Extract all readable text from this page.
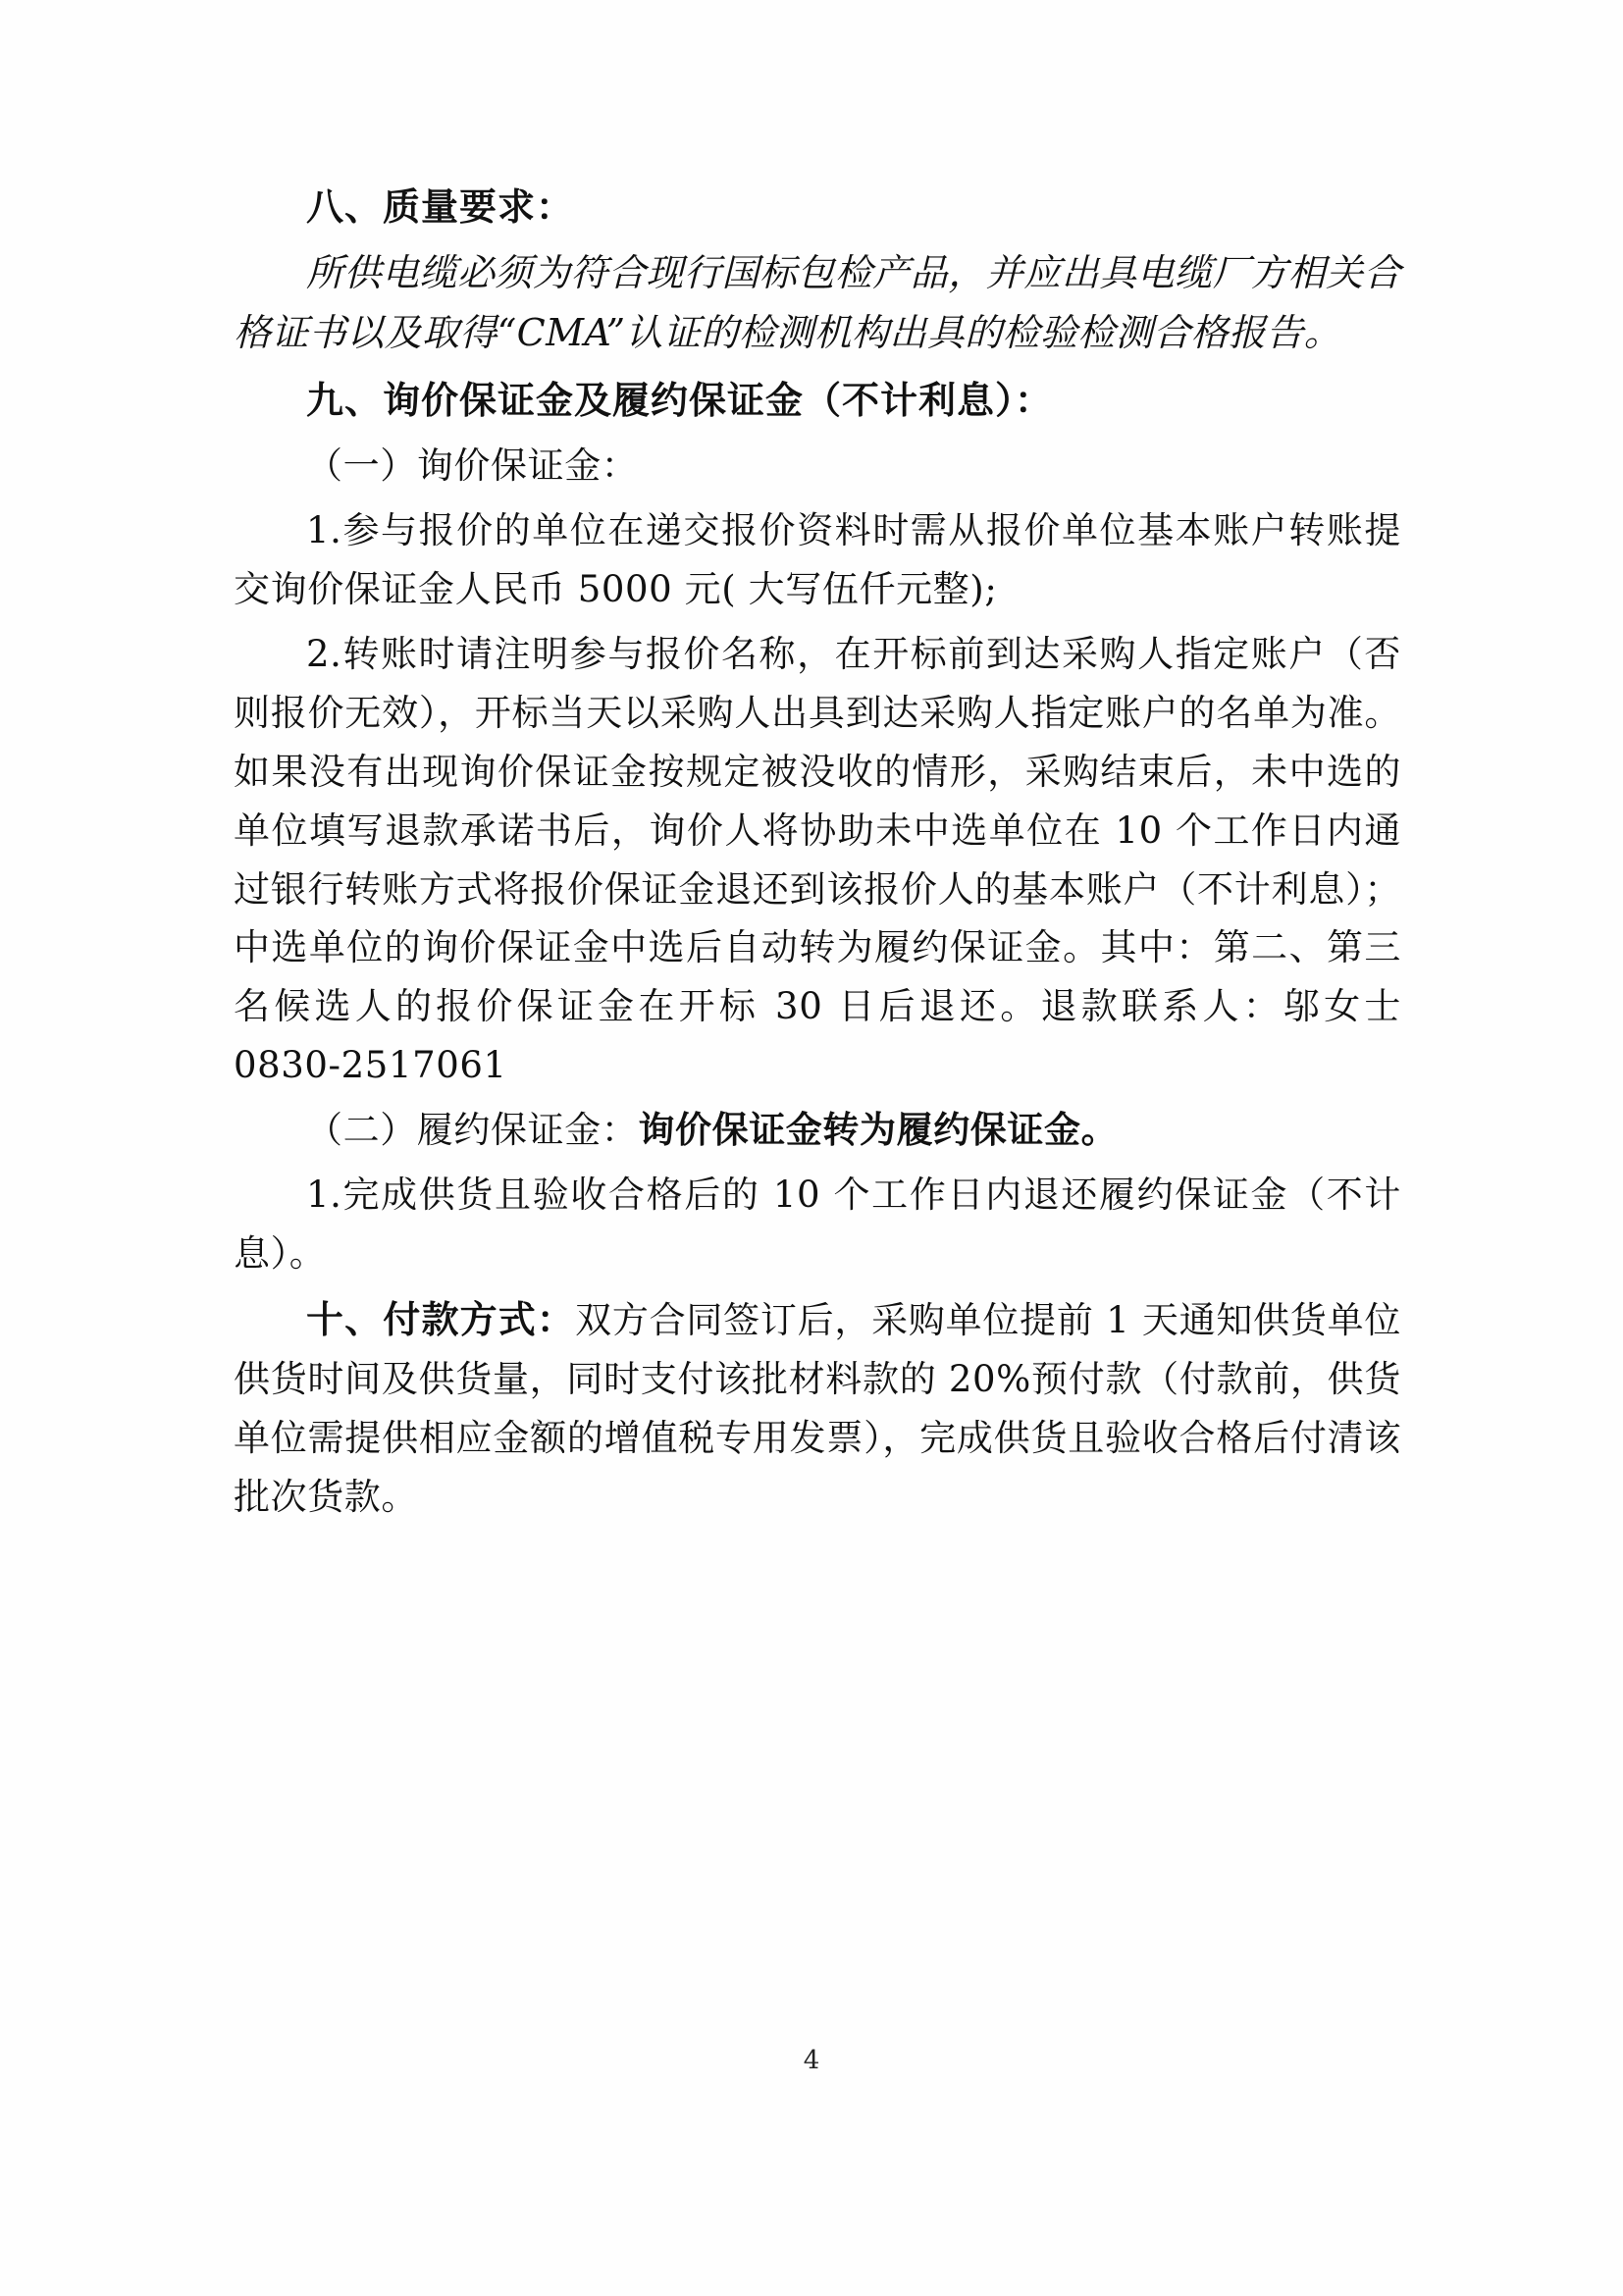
八、质量要求：

所供电缆必须为符合现行国标包检产品，并应出具电缆厂方相关合格证书以及取得“CMA”认证的检测机构出具的检验检测合格报告。

九、询价保证金及履约保证金（不计利息）：

（一）询价保证金：

1.参与报价的单位在递交报价资料时需从报价单位基本账户转账提交询价保证金人民币 5000 元( 大写伍仟元整);

2.转账时请注明参与报价名称，在开标前到达采购人指定账户（否则报价无效），开标当天以采购人出具到达采购人指定账户的名单为准。如果没有出现询价保证金按规定被没收的情形，采购结束后，未中选的单位填写退款承诺书后，询价人将协助未中选单位在 10 个工作日内通过银行转账方式将报价保证金退还到该报价人的基本账户（不计利息）；中选单位的询价保证金中选后自动转为履约保证金。其中：第二、第三名候选人的报价保证金在开标 30 日后退还。退款联系人：邬女士 0830-2517061

（二）履约保证金：询价保证金转为履约保证金。

1.完成供货且验收合格后的 10 个工作日内退还履约保证金（不计息）。

十、付款方式：双方合同签订后，采购单位提前 1 天通知供货单位供货时间及供货量，同时支付该批材料款的 20%预付款（付款前，供货单位需提供相应金额的增值税专用发票），完成供货且验收合格后付清该批次货款。

4
